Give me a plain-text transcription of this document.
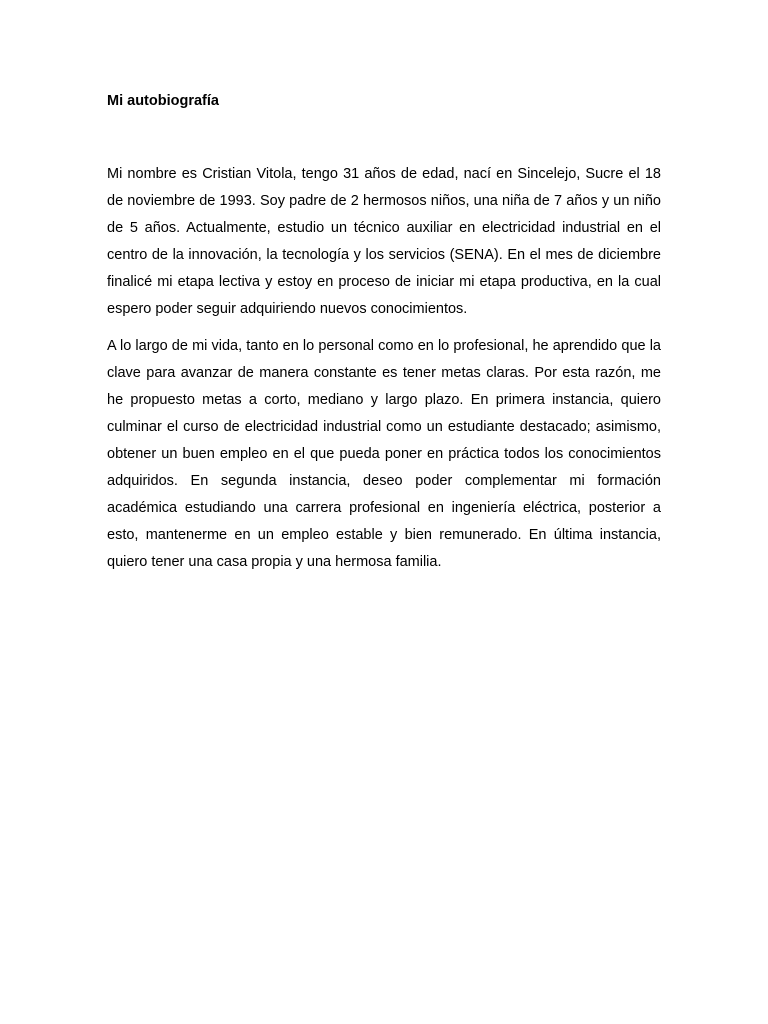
Mi autobiografía

Mi nombre es Cristian Vitola, tengo 31 años de edad, nací en Sincelejo, Sucre el 18 de noviembre de 1993. Soy padre de 2 hermosos niños, una niña de 7 años y un niño de 5 años. Actualmente, estudio un técnico auxiliar en electricidad industrial en el centro de la innovación, la tecnología y los servicios (SENA). En el mes de diciembre finalicé mi etapa lectiva y estoy en proceso de iniciar mi etapa productiva, en la cual espero poder seguir adquiriendo nuevos conocimientos.

A lo largo de mi vida, tanto en lo personal como en lo profesional, he aprendido que la clave para avanzar de manera constante es tener metas claras. Por esta razón, me he propuesto metas a corto, mediano y largo plazo. En primera instancia, quiero culminar el curso de electricidad industrial como un estudiante destacado; asimismo, obtener un buen empleo en el que pueda poner en práctica todos los conocimientos adquiridos. En segunda instancia, deseo poder complementar mi formación académica estudiando una carrera profesional en ingeniería eléctrica, posterior a esto, mantenerme en un empleo estable y bien remunerado. En última instancia, quiero tener una casa propia y una hermosa familia.
